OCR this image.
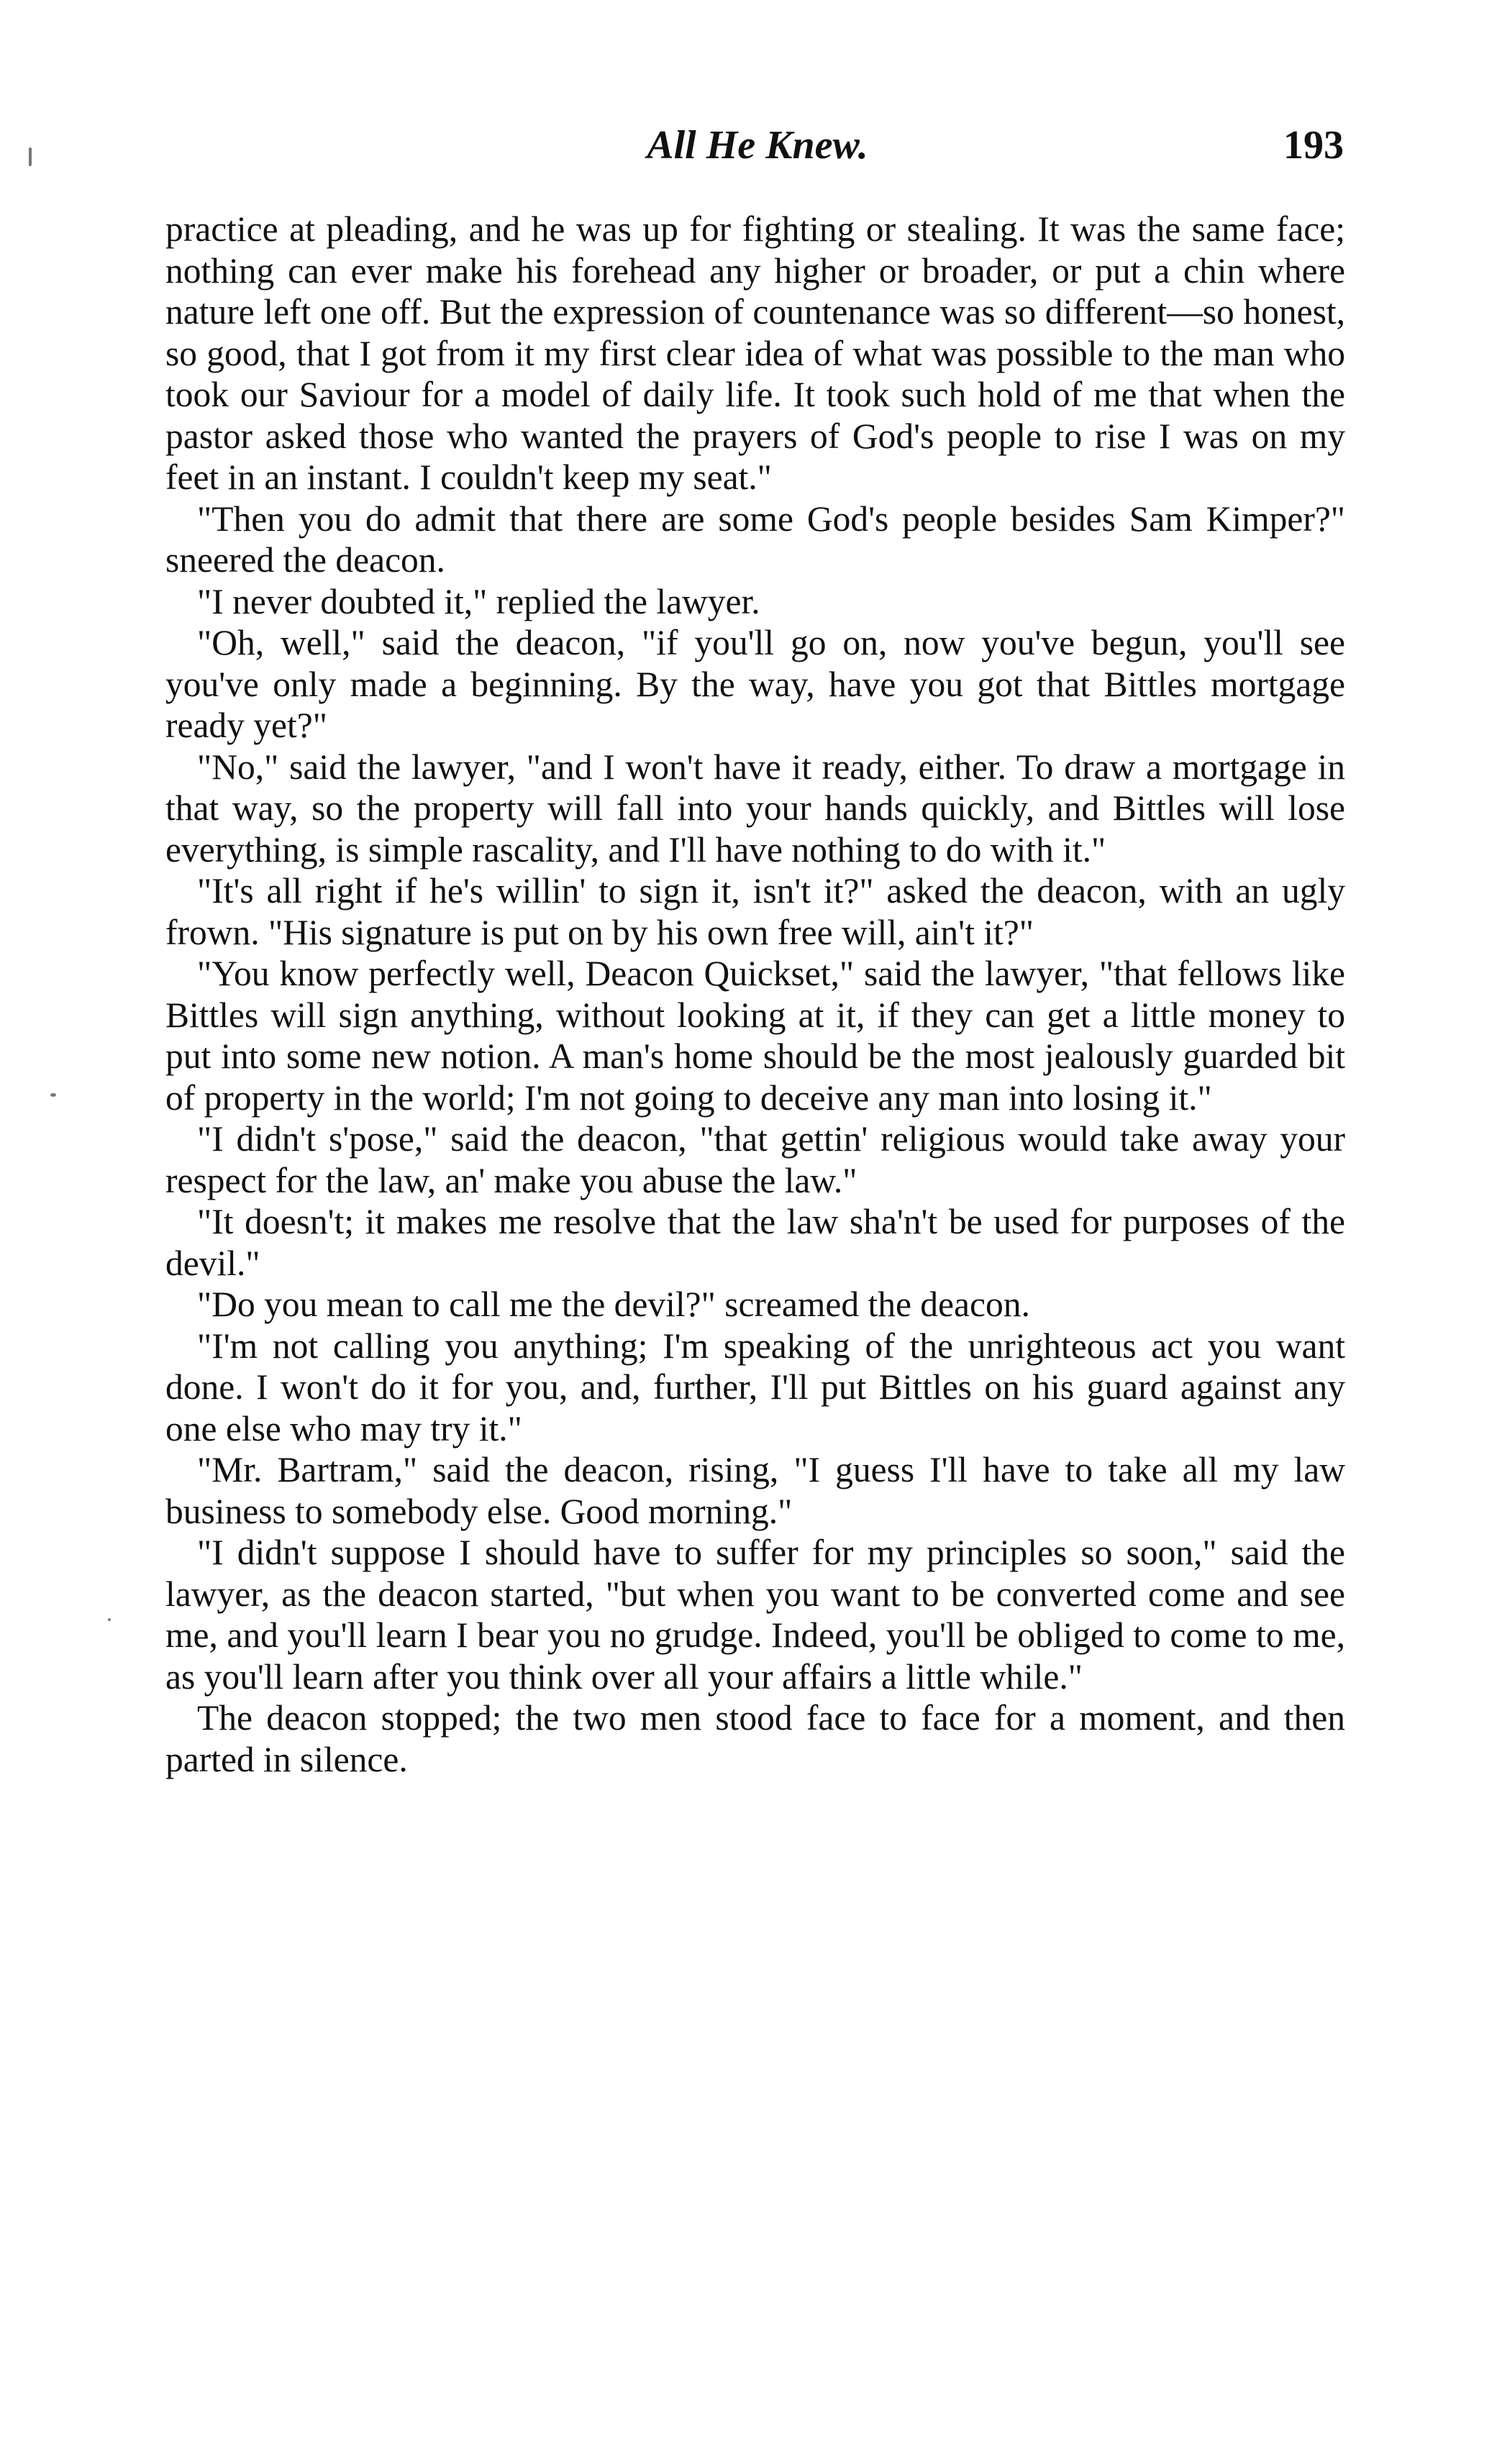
All He Knew.	193

practice at pleading, and he was up for fighting or stealing. It was the same face; nothing can ever make his forehead any higher or broader, or put a chin where nature left one off. But the expression of countenance was so different—so honest, so good, that I got from it my first clear idea of what was possible to the man who took our Saviour for a model of daily life. It took such hold of me that when the pastor asked those who wanted the prayers of God's people to rise I was on my feet in an instant. I couldn't keep my seat."

"Then you do admit that there are some God's people besides Sam Kimper?" sneered the deacon.

"I never doubted it," replied the lawyer.

"Oh, well," said the deacon, "if you'll go on, now you've begun, you'll see you've only made a beginning. By the way, have you got that Bittles mortgage ready yet?"

"No," said the lawyer, "and I won't have it ready, either. To draw a mortgage in that way, so the property will fall into your hands quickly, and Bittles will lose everything, is simple rascality, and I'll have nothing to do with it."

"It's all right if he's willin' to sign it, isn't it?" asked the deacon, with an ugly frown. "His signature is put on by his own free will, ain't it?"

"You know perfectly well, Deacon Quickset," said the lawyer, "that fellows like Bittles will sign anything, without looking at it, if they can get a little money to put into some new notion. A man's home should be the most jealously guarded bit of property in the world; I'm not going to deceive any man into losing it."

"I didn't s'pose," said the deacon, "that gettin' religious would take away your respect for the law, an' make you abuse the law."

"It doesn't; it makes me resolve that the law sha'n't be used for purposes of the devil."

"Do you mean to call me the devil?" screamed the deacon.

"I'm not calling you anything; I'm speaking of the unrighteous act you want done. I won't do it for you, and, further, I'll put Bittles on his guard against any one else who may try it."

"Mr. Bartram," said the deacon, rising, "I guess I'll have to take all my law business to somebody else. Good morning."

"I didn't suppose I should have to suffer for my principles so soon," said the lawyer, as the deacon started, "but when you want to be converted come and see me, and you'll learn I bear you no grudge. Indeed, you'll be obliged to come to me, as you'll learn after you think over all your affairs a little while."

The deacon stopped; the two men stood face to face for a moment, and then parted in silence.
